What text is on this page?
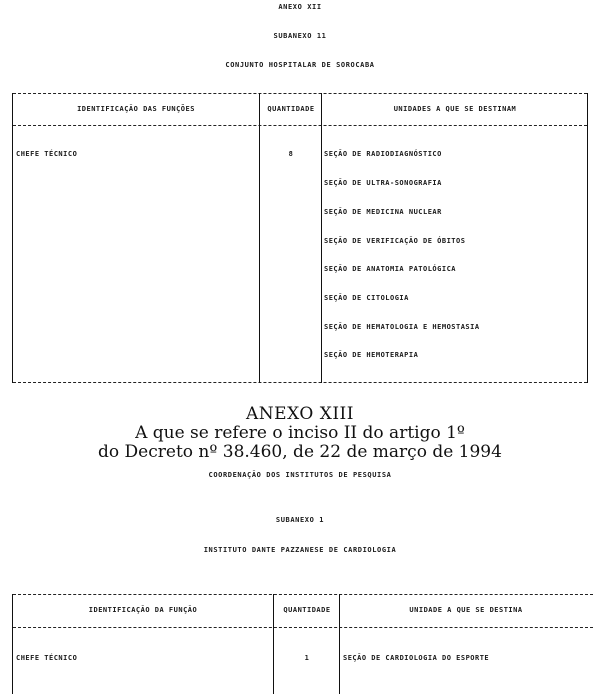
ANEXO XII
SUBANEXO 11
CONJUNTO HOSPITALAR DE SOROCABA
IDENTIFICAÇÃO DAS FUNÇÕES	QUANTIDADE	UNIDADES A QUE SE DESTINAM
CHEFE TÉCNICO	8	SEÇÃO DE RADIODIAGNÓSTICO
SEÇÃO DE ULTRA-SONOGRAFIA
SEÇÃO DE MEDICINA NUCLEAR
SEÇÃO DE VERIFICAÇÃO DE ÓBITOS
SEÇÃO DE ANATOMIA PATOLÓGICA
SEÇÃO DE CITOLOGIA
SEÇÃO DE HEMATOLOGIA E HEMOSTASIA
SEÇÃO DE HEMOTERAPIA
ANEXO XIII
A que se refere o inciso II do artigo 1º
do Decreto nº 38.460, de 22 de março de 1994
COORDENAÇÃO DOS INSTITUTOS DE PESQUISA
SUBANEXO 1
INSTITUTO DANTE PAZZANESE DE CARDIOLOGIA
IDENTIFICAÇÃO DA FUNÇÃO	QUANTIDADE	UNIDADE A QUE SE DESTINA
CHEFE TÉCNICO	1	SEÇÃO DE CARDIOLOGIA DO ESPORTE
